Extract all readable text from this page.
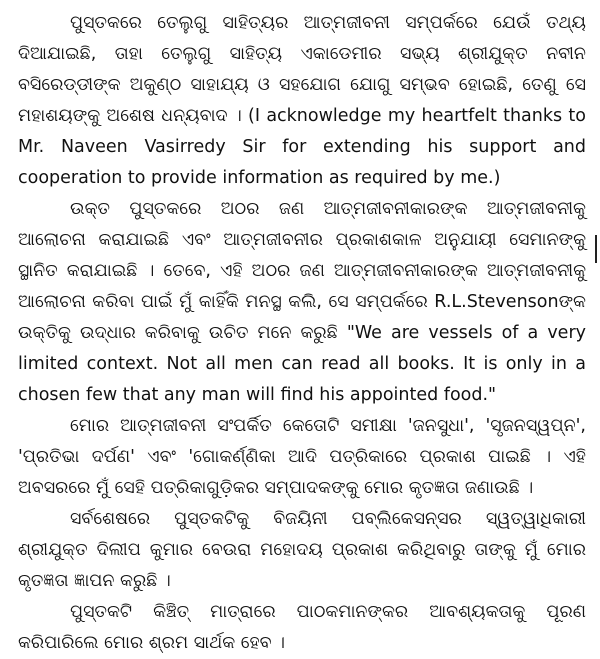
ପୁସ୍ତକରେ ତେଲୁଗୁ ସାହିତ୍ୟର ଆତ୍ମଜୀବନୀ ସମ୍ପର୍କରେ ଯେଉଁ ତଥ୍ୟ ଦିଆଯାଇଛି, ତାହା ତେଲୁଗୁ ସାହିତ୍ୟ ଏକାଡେମୀର ସଭ୍ୟ ଶ୍ରୀଯୁକ୍ତ ନବୀନ ବସିରେଡ୍ଡୀଙ୍କ ଅକୁଣ୍ଠ ସାହାଯ୍ୟ ଓ ସହଯୋଗ ଯୋଗୁ ସମ୍ଭବ ହୋଇଛି, ତେଣୁ ସେ ମହାଶୟଙ୍କୁ ଅଶେଷ ଧନ୍ୟବାଦ । (I acknowledge my heartfelt thanks to Mr. Naveen Vasirredy Sir for extending his support and cooperation to provide information as required by me.)

ଉକ୍ତ ପୁସ୍ତକରେ ଅଠର ଜଣ ଆତ୍ମଜୀବନୀକାରଙ୍କ ଆତ୍ମଜୀବନୀକୁ ଆଲୋଚନା କରାଯାଇଛି ଏବଂ ଆତ୍ମଜୀବନୀର ପ୍ରକାଶକାଳ ଅନୁଯାୟୀ ସେମାନଙ୍କୁ ସ୍ଥାନିତ କରାଯାଇଛି । ତେବେ, ଏହି ଅଠର ଜଣ ଆତ୍ମଜୀବନୀକାରଙ୍କ ଆତ୍ମଜୀବନୀକୁ ଆଲୋଚନା କରିବା ପାଇଁ ମୁଁ କାହିଁକି ମନସ୍ଥ କଲି, ସେ ସମ୍ପର୍କରେ R.L.Stevensonଙ୍କ ଉକ୍ତିକୁ ଉଦ୍ଧାର କରିବାକୁ ଉଚିତ ମନେ କରୁଛି "We are vessels of a very limited context. Not all men can read all books. It is only in a chosen few that any man will find his appointed food."

ମୋର ଆତ୍ମଜୀବନୀ ସଂପର୍କିତ କେତୋଟି ସମୀକ୍ଷା 'ଜନସୁଧା', 'ସୃଜନସ୍ୱପ୍ନ', 'ପ୍ରତିଭା ଦର୍ପଣ' ଏବଂ 'ଗୋକର୍ଣ୍ଣିକା ଆଦି ପତ୍ରିକାରେ ପ୍ରକାଶ ପାଇଛି । ଏହି ଅବସରରେ ମୁଁ ସେହି ପତ୍ରିକାଗୁଡ଼ିକର ସମ୍ପାଦକଙ୍କୁ ମୋର କୃତଜ୍ଞତା ଜଣାଉଛି ।

ସର୍ବଶେଷରେ ପୁସ୍ତକଟିକୁ ବିଜୟିନୀ ପବ୍ଲିକେସନ୍ସର ସ୍ୱତ୍ୱାଧିକାରୀ ଶ୍ରୀଯୁକ୍ତ ଦିଲୀପ କୁମାର ବେଉରା ମହୋଦୟ ପ୍ରକାଶ କରିଥିବାରୁ ତାଙ୍କୁ ମୁଁ ମୋର କୃତଜ୍ଞତା ଜ୍ଞାପନ କରୁଛି ।

ପୁସ୍ତକଟି କିଞ୍ଚିତ୍ ମାତ୍ରାରେ ପାଠକମାନଙ୍କର ଆବଶ୍ୟକତାକୁ ପୂରଣ କରିପାରିଲେ ମୋର ଶ୍ରମ ସାର୍ଥକ ହେବ ।
